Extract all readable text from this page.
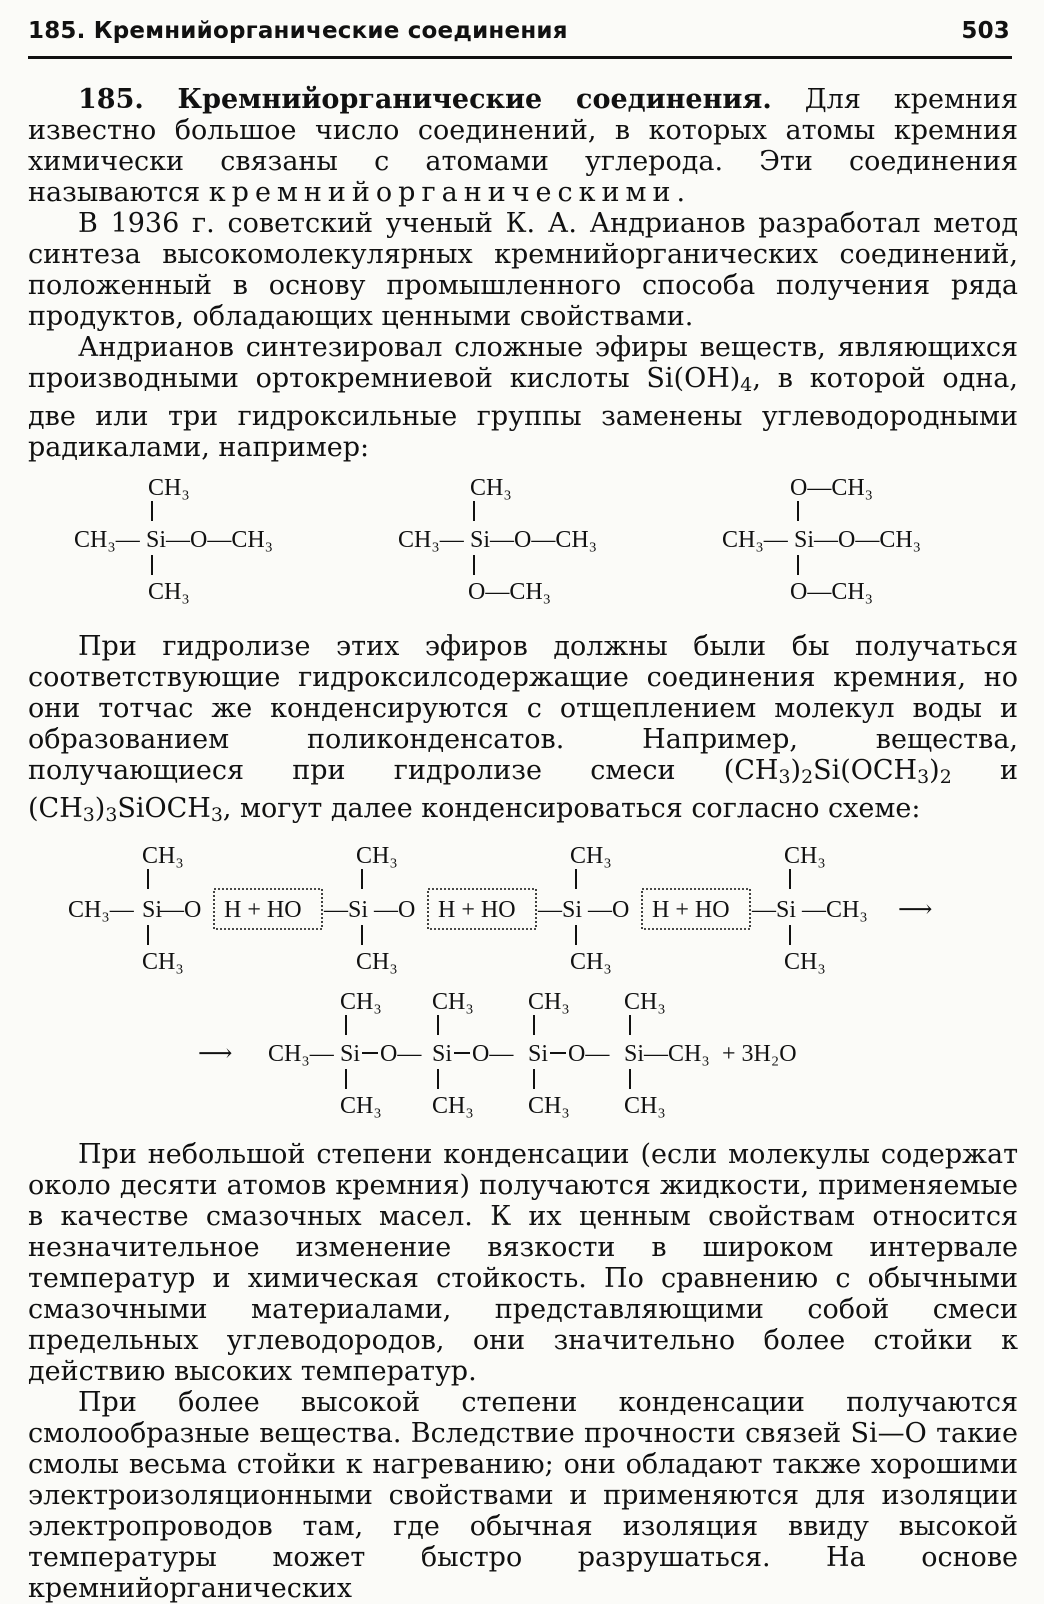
185. Кремнийорганические соединения	503

185. Кремнийорганические соединения. Для кремния известно большое число соединений, в которых атомы кремния химически связаны с атомами углерода. Эти соединения называются кремнийорганическими.

В 1936 г. советский ученый К. А. Андрианов разработал метод синтеза высокомолекулярных кремнийорганических соединений, положенный в основу промышленного способа получения ряда продуктов, обладающих ценными свойствами.

Андрианов синтезировал сложные эфиры веществ, являющихся производными ортокремниевой кислоты $Si(OH)_4$, в которой одна, две или три гидроксильные группы заменены углеводородными радикалами, например:

CH₃
CH₃— Si —O—CH₃
CH₃
CH₃
CH₃— Si —O—CH₃
O—CH₃
O—CH₃
CH₃— Si —O—CH₃
O—CH₃

При гидролизе этих эфиров должны были бы получаться соответствующие гидроксилсодержащие соединения кремния, но они тотчас же конденсируются с отщеплением молекул воды и образованием поликонденсатов. Например, вещества, получающиеся при гидролизе смеси $(CH_3)_2Si(OCH_3)_2$ и $(CH_3)_3SiOCH_3$, могут далее конденсироваться согласно схеме:

CH₃
CH₃— Si
—O
CH₃
H + HO
CH₃
—Si —O
CH₃
H + HO
CH₃
—Si —O
CH₃
H + HO
CH₃
—Si —CH₃
CH₃
⟶
⟶ CH₃—
CH₃
Si
CH₃
O—
CH₃
Si
CH₃
O—
CH₃
Si
CH₃
O—
CH₃
Si
CH₃
—CH₃ + 3H₂O

При небольшой степени конденсации (если молекулы содержат около десяти атомов кремния) получаются жидкости, применяемые в качестве смазочных масел. К их ценным свойствам относится незначительное изменение вязкости в широком интервале температур и химическая стойкость. По сравнению с обычными смазочными материалами, представляющими собой смеси предельных углеводородов, они значительно более стойки к действию высоких температур.

При более высокой степени конденсации получаются смолообразные вещества. Вследствие прочности связей Si—O такие смолы весьма стойки к нагреванию; они обладают также хорошими электроизоляционными свойствами и применяются для изоляции электропроводов там, где обычная изоляция ввиду высокой температуры может быстро разрушаться. На основе кремнийорганических
